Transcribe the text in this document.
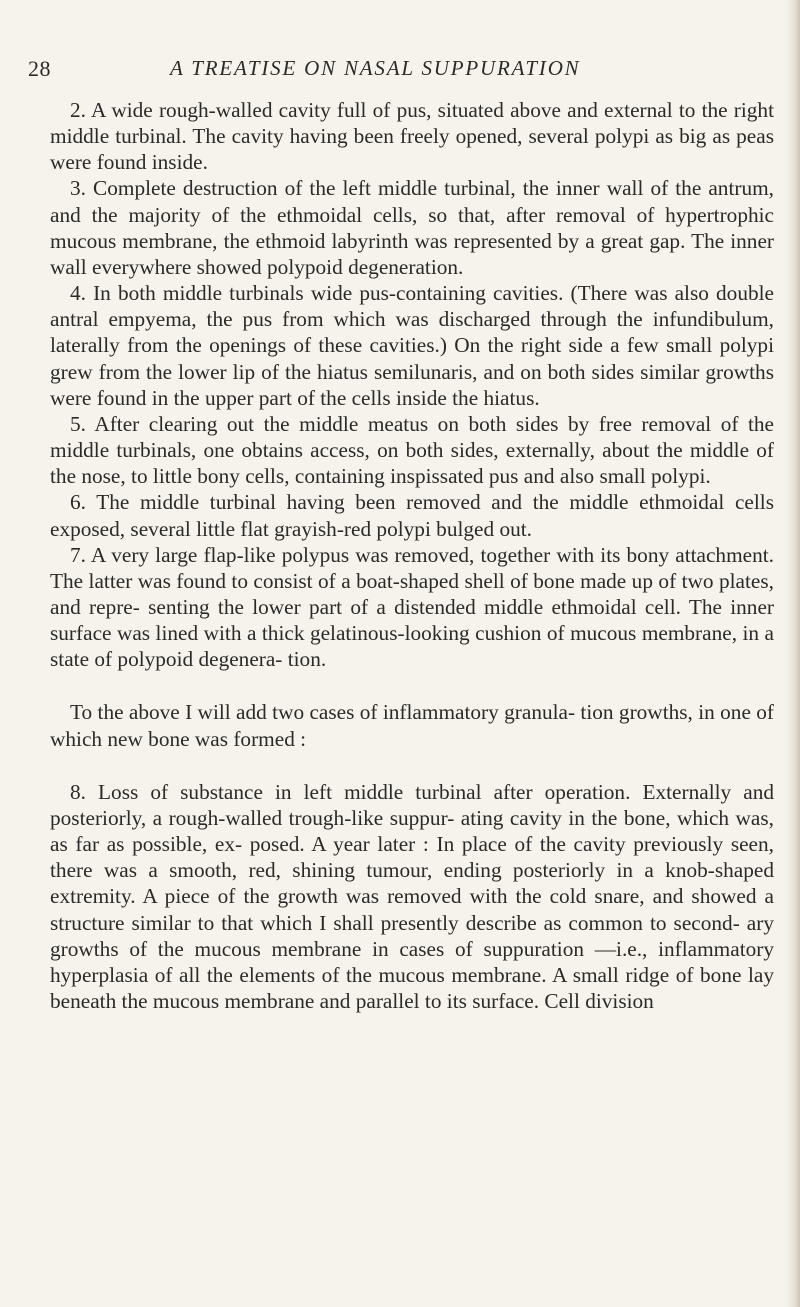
28	A TREATISE ON NASAL SUPPURATION

2. A wide rough-walled cavity full of pus, situated above and external to the right middle turbinal. The cavity having been freely opened, several polypi as big as peas were found inside.

3. Complete destruction of the left middle turbinal, the inner wall of the antrum, and the majority of the ethmoidal cells, so that, after removal of hypertrophic mucous membrane, the ethmoid labyrinth was represented by a great gap. The inner wall everywhere showed polypoid degeneration.

4. In both middle turbinals wide pus-containing cavities. (There was also double antral empyema, the pus from which was discharged through the infundibulum, laterally from the openings of these cavities.) On the right side a few small polypi grew from the lower lip of the hiatus semilunaris, and on both sides similar growths were found in the upper part of the cells inside the hiatus.

5. After clearing out the middle meatus on both sides by free removal of the middle turbinals, one obtains access, on both sides, externally, about the middle of the nose, to little bony cells, containing inspissated pus and also small polypi.

6. The middle turbinal having been removed and the middle ethmoidal cells exposed, several little flat grayish-red polypi bulged out.

7. A very large flap-like polypus was removed, together with its bony attachment. The latter was found to consist of a boat-shaped shell of bone made up of two plates, and repre- senting the lower part of a distended middle ethmoidal cell. The inner surface was lined with a thick gelatinous-looking cushion of mucous membrane, in a state of polypoid degenera- tion.

To the above I will add two cases of inflammatory granula- tion growths, in one of which new bone was formed :

8. Loss of substance in left middle turbinal after operation. Externally and posteriorly, a rough-walled trough-like suppur- ating cavity in the bone, which was, as far as possible, ex- posed. A year later : In place of the cavity previously seen, there was a smooth, red, shining tumour, ending posteriorly in a knob-shaped extremity. A piece of the growth was removed with the cold snare, and showed a structure similar to that which I shall presently describe as common to second- ary growths of the mucous membrane in cases of suppuration —i.e., inflammatory hyperplasia of all the elements of the mucous membrane. A small ridge of bone lay beneath the mucous membrane and parallel to its surface. Cell division
